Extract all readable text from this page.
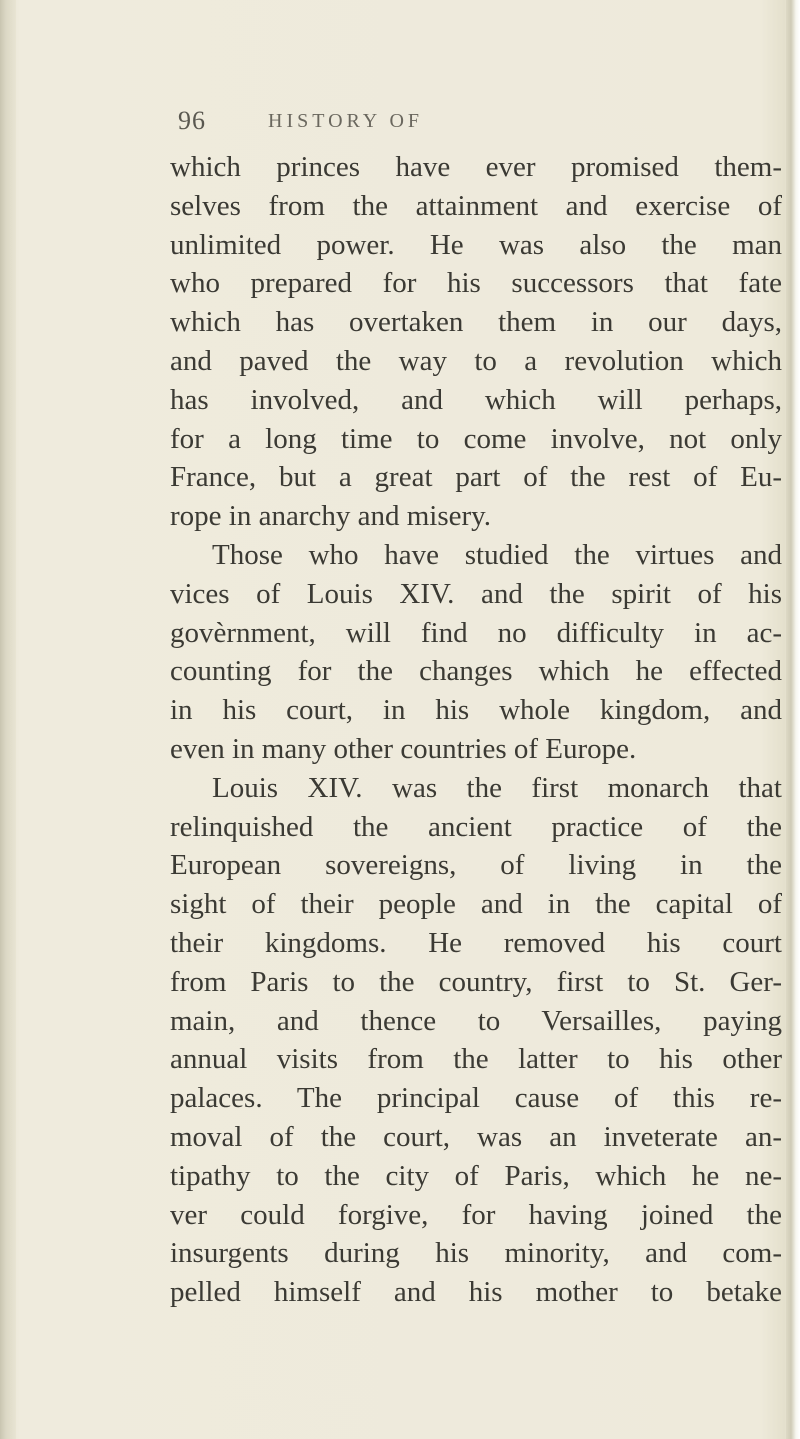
96	HISTORY OF
which princes have ever promised them-
selves from the attainment and exercise of
unlimited power. He was also the man
who prepared for his successors that fate
which has overtaken them in our days,
and paved the way to a revolution which
has involved, and which will perhaps,
for a long time to come involve, not only
France, but a great part of the rest of Eu-
rope in anarchy and misery.
Those who have studied the virtues and
vices of Louis XIV. and the spirit of his
govèrnment, will find no difficulty in ac-
counting for the changes which he effected
in his court, in his whole kingdom, and
even in many other countries of Europe.
Louis XIV. was the first monarch that
relinquished the ancient practice of the
European sovereigns, of living in the
sight of their people and in the capital of
their kingdoms. He removed his court
from Paris to the country, first to St. Ger-
main, and thence to Versailles, paying
annual visits from the latter to his other
palaces. The principal cause of this re-
moval of the court, was an inveterate an-
tipathy to the city of Paris, which he ne-
ver could forgive, for having joined the
insurgents during his minority, and com-
pelled himself and his mother to betake
